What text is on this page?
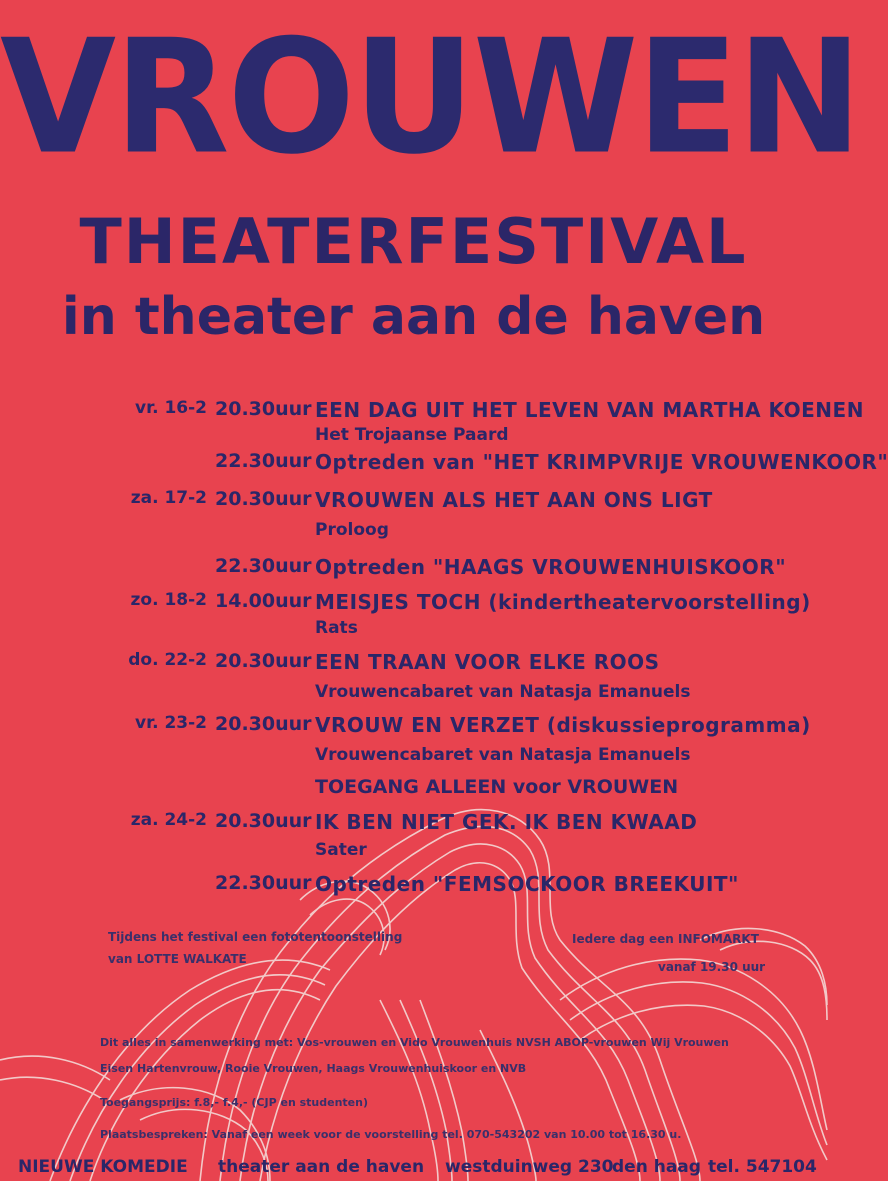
VROUWEN
THEATERFESTIVAL
in theater aan de haven
vr. 16-2 20.30uur EEN DAG UIT HET LEVEN VAN MARTHA KOENEN
Het Trojaanse Paard
22.30uur Optreden van "HET KRIMPVRIJE VROUWENKOOR"
za. 17-2 20.30uur VROUWEN ALS HET AAN ONS LIGT
Proloog
22.30uur Optreden "HAAGS VROUWENHUISKOOR"
zo. 18-2 14.00uur MEISJES TOCH (kindertheatervoorstelling)
Rats
do. 22-2 20.30uur EEN TRAAN VOOR ELKE ROOS
Vrouwencabaret van Natasja Emanuels
vr. 23-2 20.30uur VROUW EN VERZET (diskussieprogramma)
Vrouwencabaret van Natasja Emanuels
TOEGANG ALLEEN voor VROUWEN
za. 24-2 20.30uur IK BEN NIET GEK. IK BEN KWAAD
Sater
22.30uur Optreden "FEMSOCKOOR BREEKUIT"
Tijdens het festival een fototentoonstelling
van LOTTE WALKATE
Iedere dag een INFOMARKT
vanaf 19.30 uur
Dit alles in samenwerking met: Vos-vrouwen en Vido Vrouwenhuis NVSH ABOP-vrouwen Wij Vrouwen
Eisen Hartenvrouw, Rooie Vrouwen, Haags Vrouwenhuiskoor en NVB
Toegangsprijs: f.8,- f.4,- (CJP en studenten)
Plaatsbespreken: Vanaf een week voor de voorstelling tel. 070-543202 van 10.00 tot 16.30 u.
NIEUWE KOMEDIE theater aan de haven westduinweg 230
den haag tel. 547104
